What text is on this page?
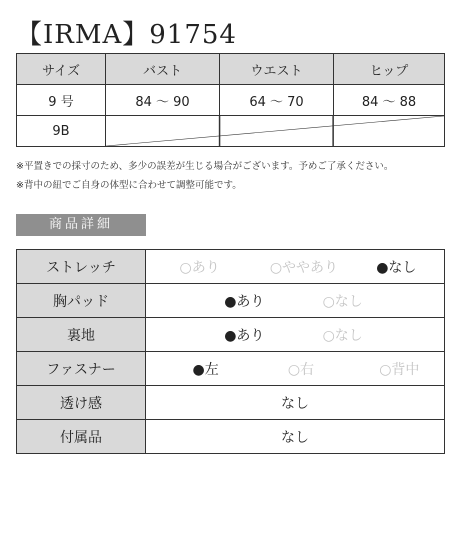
【IRMA】91754
サイズ	バスト	ウエスト	ヒップ
9 号	84 ～ 90	64 ～ 70	84 ～ 88
9B	
※平置きでの採寸のため、多少の誤差が生じる場合がございます。予めご了承ください。
※背中の紐でご自身の体型に合わせて調整可能です。
商品詳細
ストレッチ	○あり ○ややあり ●なし

胸パッド	●あり ○なし

裏地	●あり ○なし

ファスナー	●左 ○右 ○背中

透け感	なし
付属品	なし
